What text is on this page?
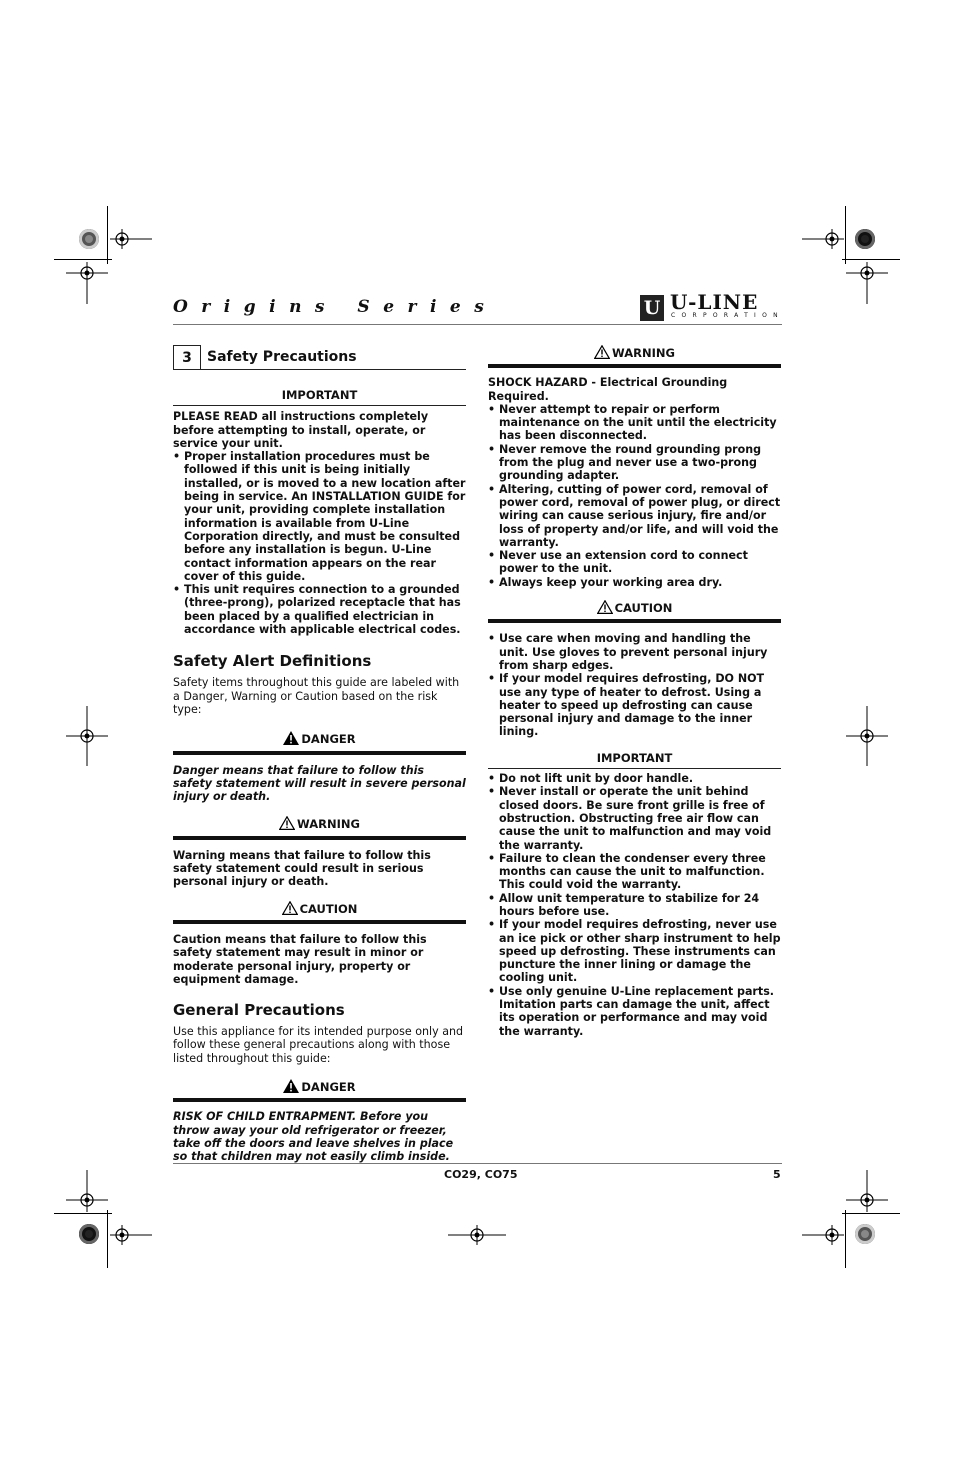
Origins Series	U U-LINE
CORPORATION
3	Safety Precautions
IMPORTANT

PLEASE READ all instructions completely before attempting to install, operate, or service your unit.

• Proper installation procedures must be followed if this unit is being initially installed, or is moved to a new location after being in service. An INSTALLATION GUIDE for your unit, providing complete installation information is available from U-Line Corporation directly, and must be consulted before any installation is begun. U-Line contact information appears on the rear cover of this guide.
• This unit requires connection to a grounded (three-prong), polarized receptacle that has been placed by a qualified electrician in accordance with applicable electrical codes.
Safety Alert Definitions

Safety items throughout this guide are labeled with a Danger, Warning or Caution based on the risk type:

DANGER

Danger means that failure to follow this safety statement will result in severe personal injury or death.

WARNING

Warning means that failure to follow this safety statement could result in serious personal injury or death.

CAUTION

Caution means that failure to follow this safety statement may result in minor or moderate personal injury, property or equipment damage.

General Precautions

Use this appliance for its intended purpose only and follow these general precautions along with those listed throughout this guide:

DANGER

RISK OF CHILD ENTRAPMENT. Before you throw away your old refrigerator or freezer, take off the doors and leave shelves in place so that children may not easily climb inside.

WARNING

SHOCK HAZARD - Electrical Grounding Required.

• Never attempt to repair or perform maintenance on the unit until the electricity has been disconnected.
• Never remove the round grounding prong from the plug and never use a two-prong grounding adapter.
• Altering, cutting of power cord, removal of power cord, removal of power plug, or direct wiring can cause serious injury, fire and/or loss of property and/or life, and will void the warranty.
• Never use an extension cord to connect power to the unit.
• Always keep your working area dry.
CAUTION
• Use care when moving and handling the unit. Use gloves to prevent personal injury from sharp edges.
• If your model requires defrosting, DO NOT use any type of heater to defrost. Using a heater to speed up defrosting can cause personal injury and damage to the inner lining.
IMPORTANT
• Do not lift unit by door handle.
• Never install or operate the unit behind closed doors. Be sure front grille is free of obstruction. Obstructing free air flow can cause the unit to malfunction and may void the warranty.
• Failure to clean the condenser every three months can cause the unit to malfunction. This could void the warranty.
• Allow unit temperature to stabilize for 24 hours before use.
• If your model requires defrosting, never use an ice pick or other sharp instrument to help speed up defrosting. These instruments can puncture the inner lining or damage the cooling unit.
• Use only genuine U-Line replacement parts. Imitation parts can damage the unit, affect its operation or performance and may void the warranty.
CO29, CO75	5
